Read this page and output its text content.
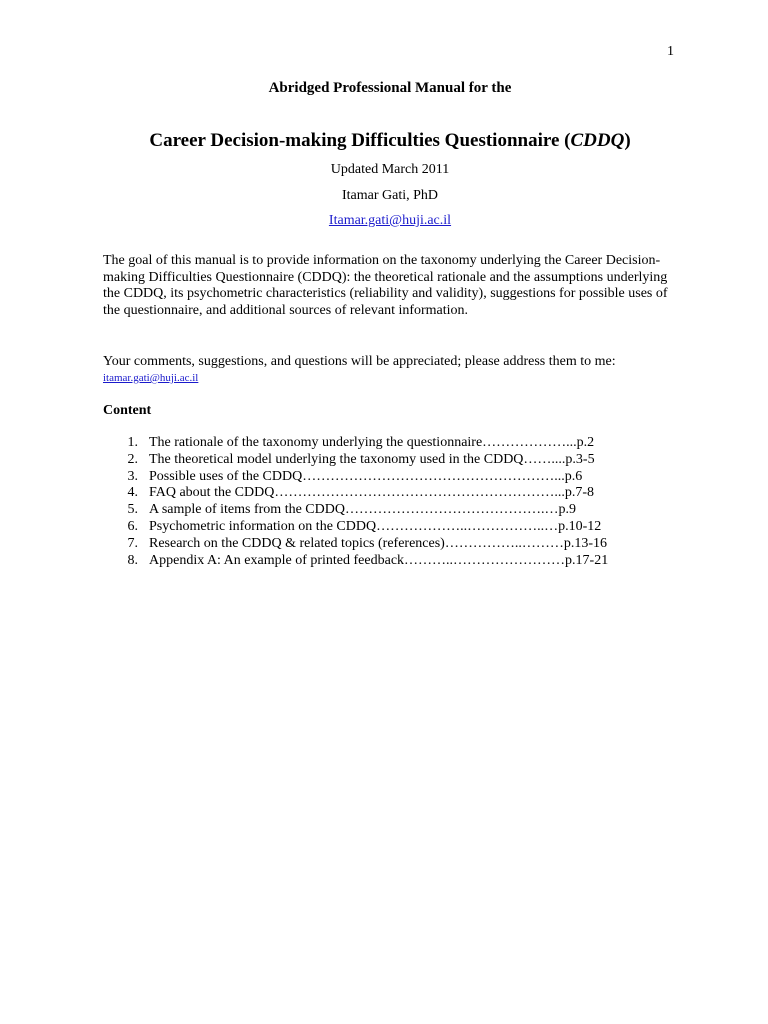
1
Abridged Professional Manual for the
Career Decision-making Difficulties Questionnaire (CDDQ)
Updated March 2011
Itamar Gati, PhD
Itamar.gati@huji.ac.il
The goal of this manual is to provide information on the taxonomy underlying the Career Decision-making Difficulties Questionnaire (CDDQ): the theoretical rationale and the assumptions underlying the CDDQ, its psychometric characteristics (reliability and validity), suggestions for possible uses of the questionnaire, and additional sources of relevant information.
Your comments, suggestions, and questions will be appreciated; please address them to me:
itamar.gati@huji.ac.il
Content
1. The rationale of the taxonomy underlying the questionnaire………………...p.2
2. The theoretical model underlying the taxonomy used in the CDDQ……....p.3-5
3. Possible uses of the CDDQ………………………………………………...p.6
4. FAQ about the CDDQ……………………………………………………...p.7-8
5. A sample of items from the CDDQ…………………………………….…p.9
6. Psychometric information on the CDDQ………………..……………..…p.10-12
7. Research on the CDDQ & related topics (references)……………..………p.13-16
8. Appendix A: An example of printed feedback………..……………………p.17-21
